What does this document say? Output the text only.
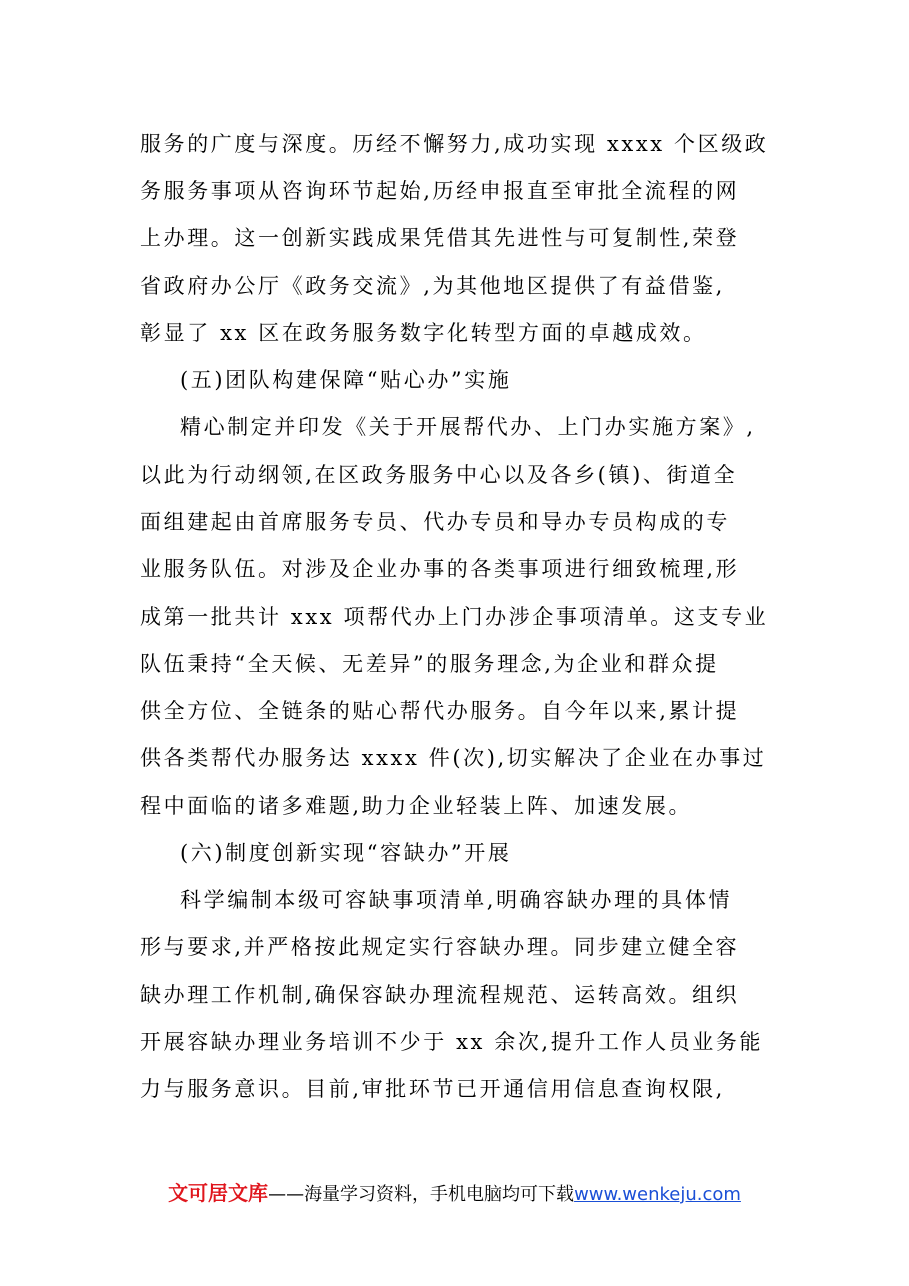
服务的广度与深度。历经不懈努力,成功实现 xxxx 个区级政
务服务事项从咨询环节起始,历经申报直至审批全流程的网
上办理。这一创新实践成果凭借其先进性与可复制性,荣登
省政府办公厅《政务交流》,为其他地区提供了有益借鉴,
彰显了 xx 区在政务服务数字化转型方面的卓越成效。
(五)团队构建保障“贴心办”实施
精心制定并印发《关于开展帮代办、上门办实施方案》,
以此为行动纲领,在区政务服务中心以及各乡(镇)、街道全
面组建起由首席服务专员、代办专员和导办专员构成的专
业服务队伍。对涉及企业办事的各类事项进行细致梳理,形
成第一批共计 xxx 项帮代办上门办涉企事项清单。这支专业
队伍秉持“全天候、无差异”的服务理念,为企业和群众提
供全方位、全链条的贴心帮代办服务。自今年以来,累计提
供各类帮代办服务达 xxxx 件(次),切实解决了企业在办事过
程中面临的诸多难题,助力企业轻装上阵、加速发展。
(六)制度创新实现“容缺办”开展
科学编制本级可容缺事项清单,明确容缺办理的具体情
形与要求,并严格按此规定实行容缺办理。同步建立健全容
缺办理工作机制,确保容缺办理流程规范、运转高效。组织
开展容缺办理业务培训不少于 xx 余次,提升工作人员业务能
力与服务意识。目前,审批环节已开通信用信息查询权限,
文可居文库——海量学习资料，手机电脑均可下载www.wenkeju.com
